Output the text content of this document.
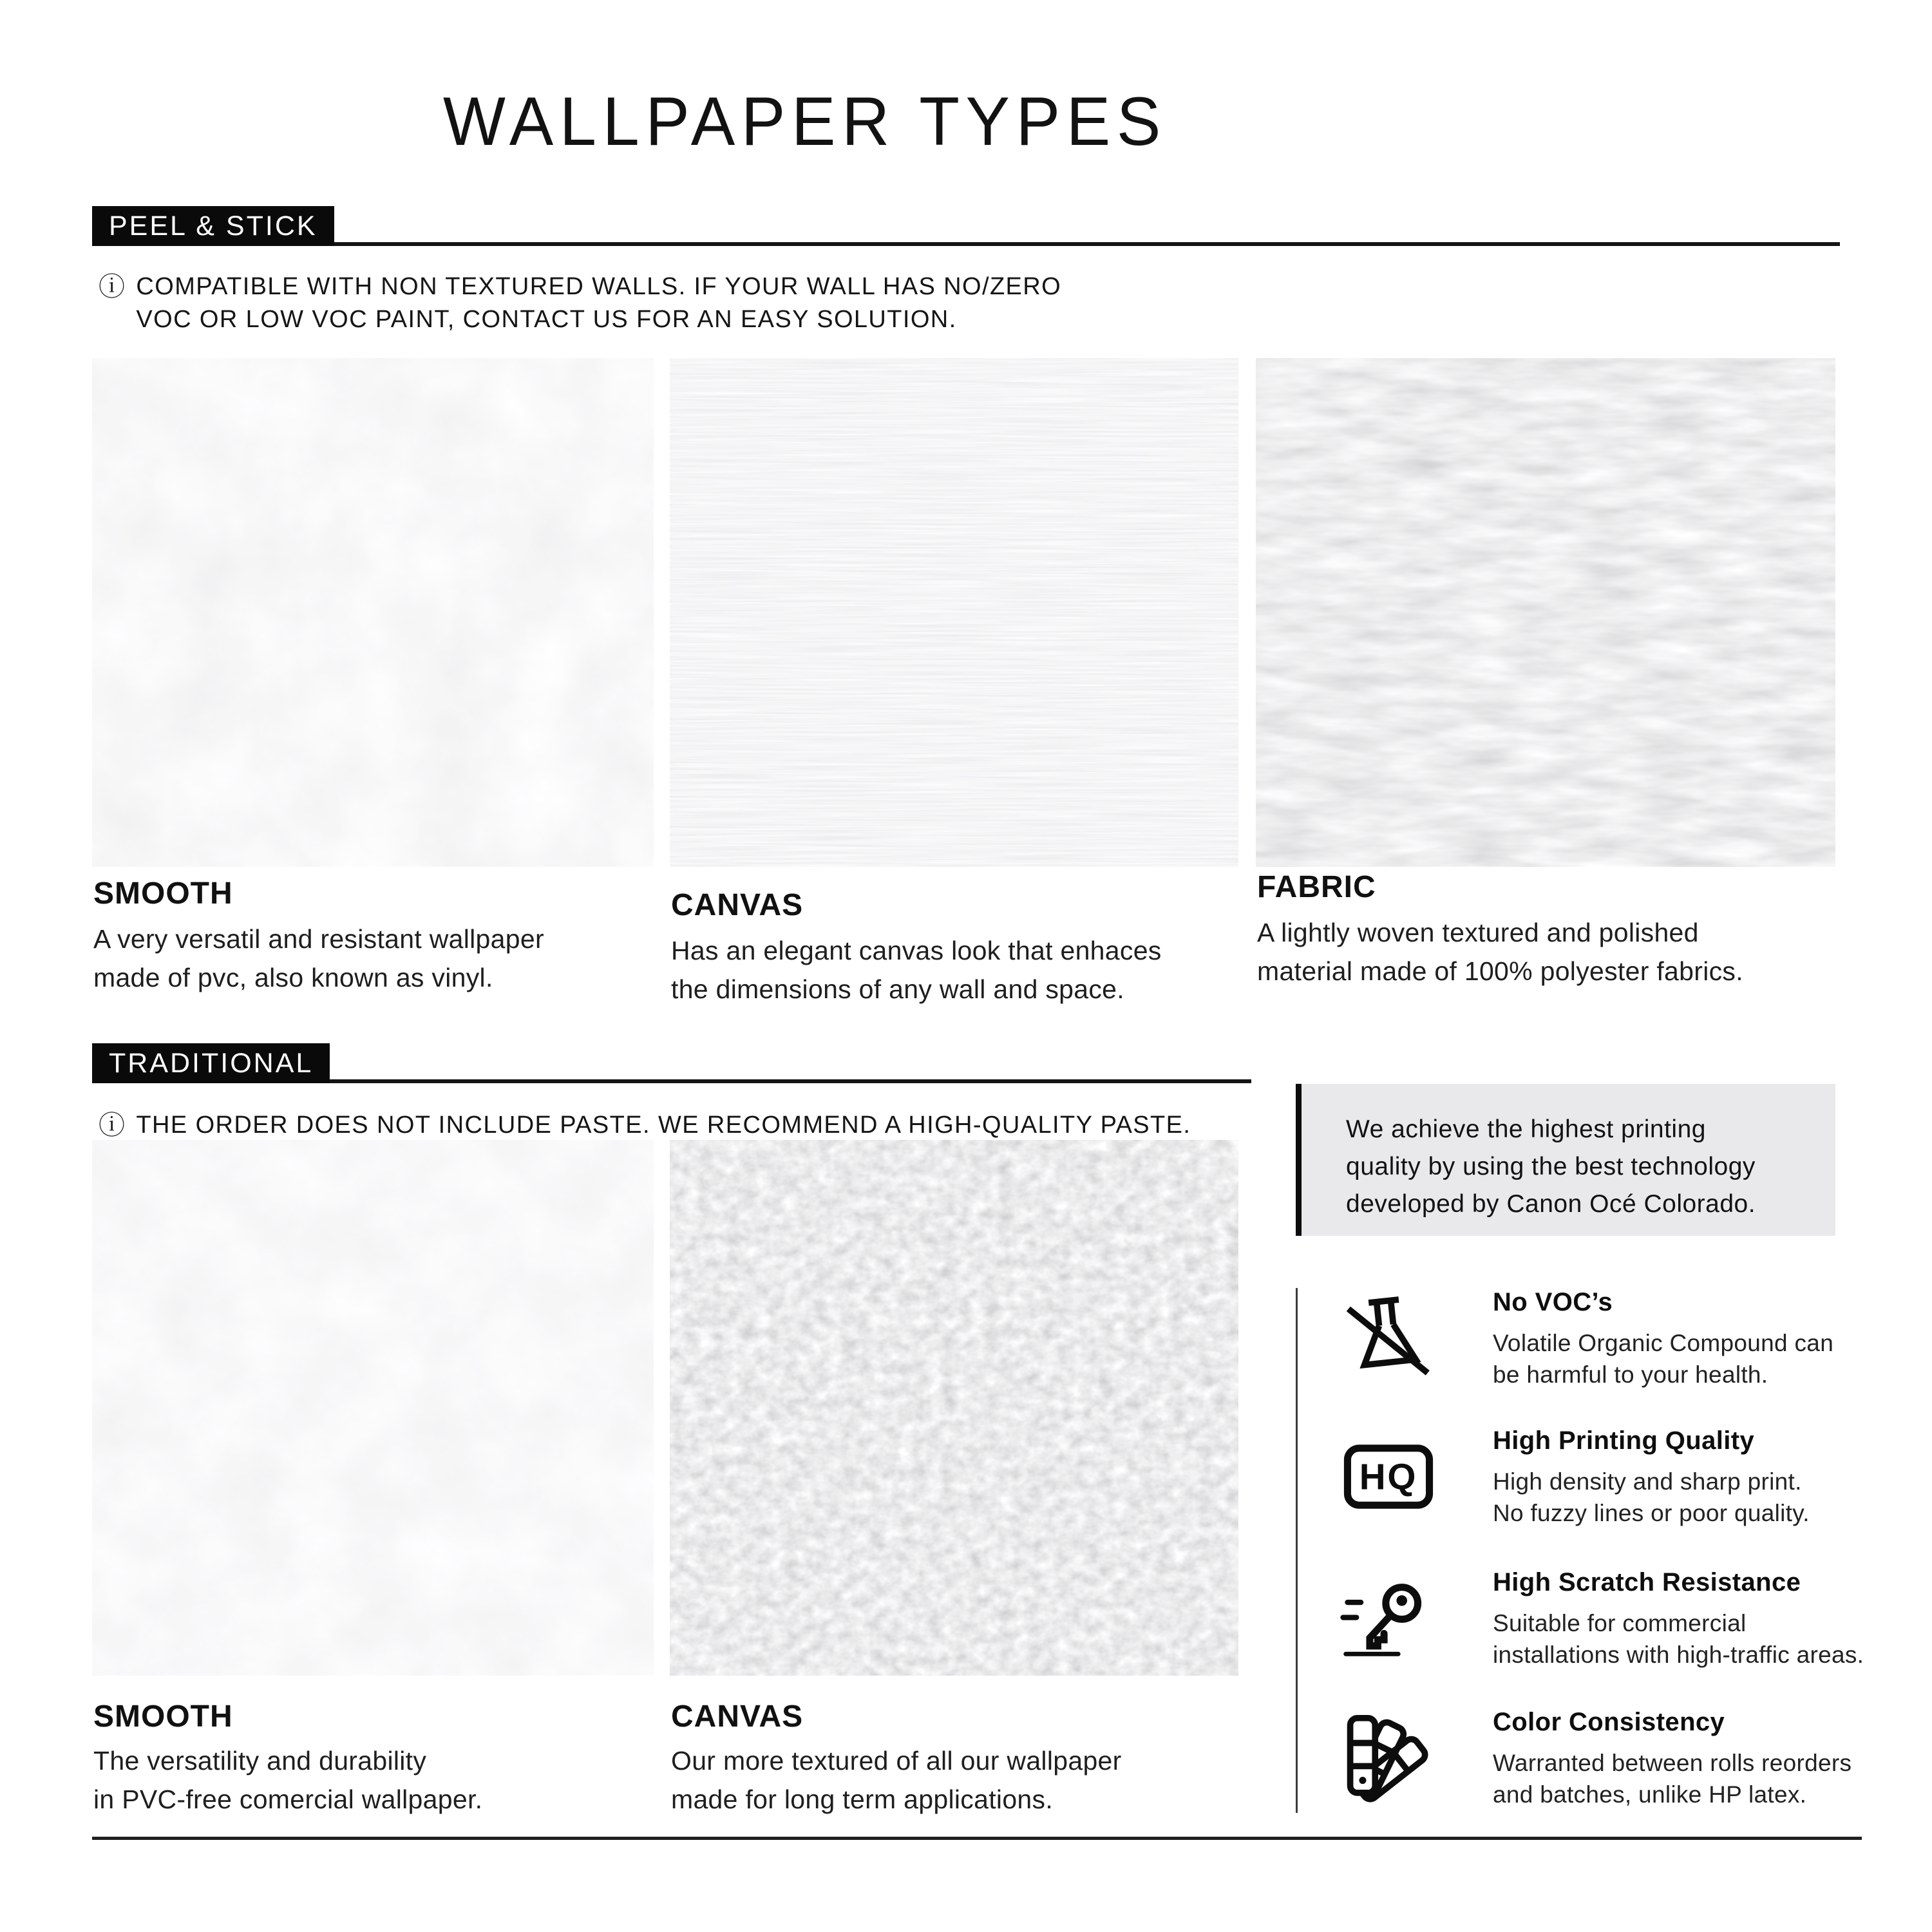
WALLPAPER TYPES
PEEL & STICK
ⓘ COMPATIBLE WITH NON TEXTURED WALLS. IF YOUR WALL HAS NO/ZERO
VOC OR LOW VOC PAINT, CONTACT US FOR AN EASY SOLUTION.
SMOOTH
A very versatil and resistant wallpaper
made of pvc, also known as vinyl.
CANVAS
Has an elegant canvas look that enhaces
the dimensions of any wall and space.
FABRIC
A lightly woven textured and polished
material made of 100% polyester fabrics.
TRADITIONAL
ⓘ THE ORDER DOES NOT INCLUDE PASTE. WE RECOMMEND A HIGH-QUALITY PASTE.
SMOOTH
The versatility and durability
in PVC-free comercial wallpaper.
CANVAS
Our more textured of all our wallpaper
made for long term applications.
We achieve the highest printing
quality by using the best technology
developed by Canon Océ Colorado.
No VOC’s
Volatile Organic Compound can
be harmful to your health.
HQ
High Printing Quality
High density and sharp print.
No fuzzy lines or poor quality.
High Scratch Resistance
Suitable for commercial
installations with high-traffic areas.
Color Consistency
Warranted between rolls reorders
and batches, unlike HP latex.
